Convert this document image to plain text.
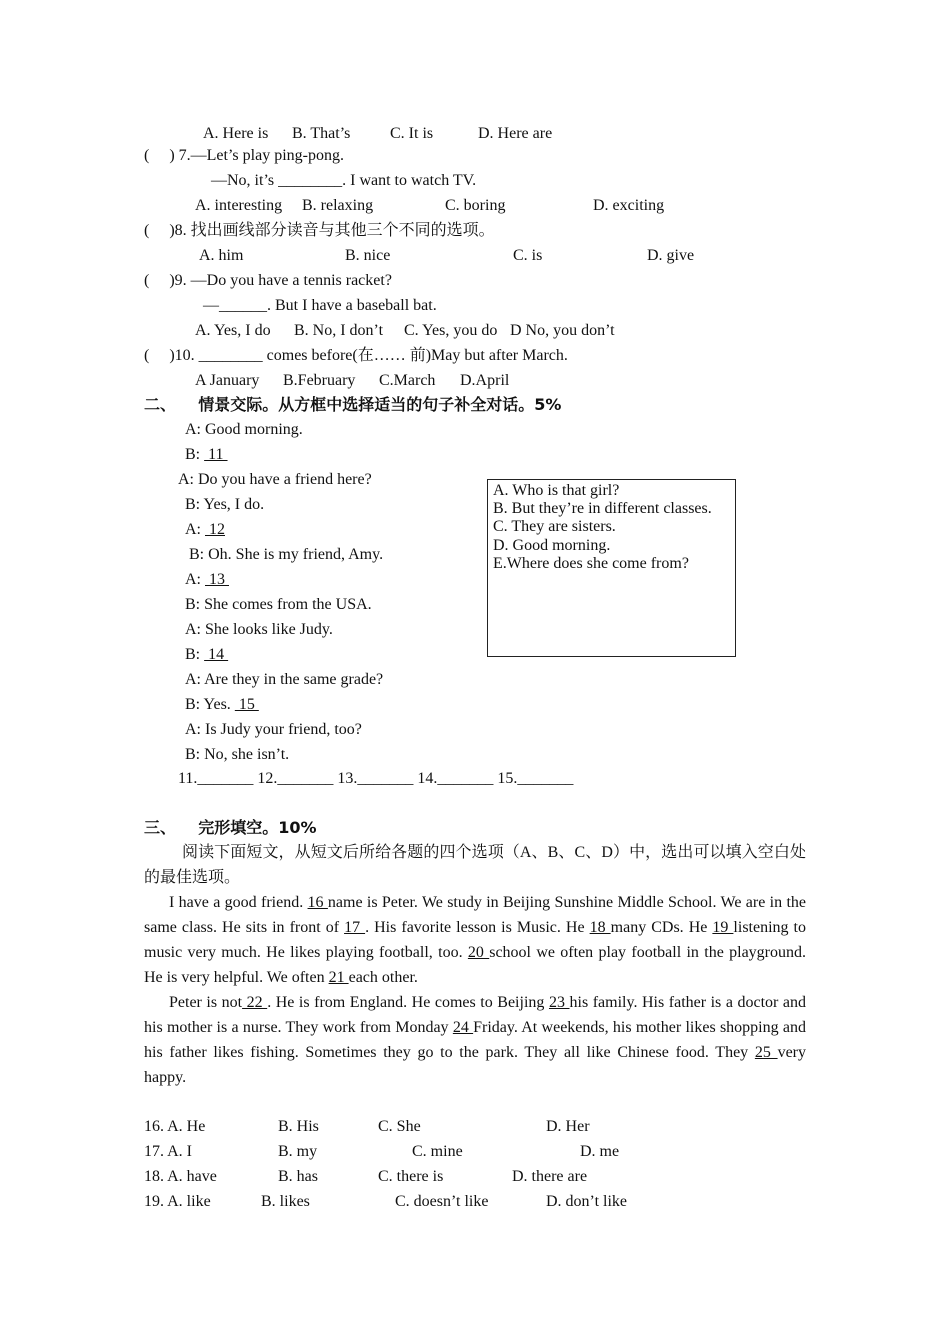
A. Here is B. That’s C. It is	D. Here are
(     ) 7.—Let’s play ping-pong.
—No, it’s ________. I want to watch TV.
A. interesting B. relaxing	C. boring	D. exciting
(     )8. 找出画线部分读音与其他三个不同的选项。
A. him	B. nice	C. is	D. give
(     )9. —Do you have a tennis racket?
—______. But I have a baseball bat.
A. Yes, I do B. No, I don’t C. Yes, you do D No, you don’t
(     )10. ________ comes before(在…… 前)May but after March.
A January B.February C.March D.April
二、    情景交际。从方框中选择适当的句子补全对话。5%
A: Good morning.
B:  11
A: Do you have a friend here?
B: Yes, I do.
A:  12
B: Oh. She is my friend, Amy.
A:  13
B: She comes from the USA.
A: She looks like Judy.
B:  14
A: Are they in the same grade?
B: Yes.  15
A: Is Judy your friend, too?
B: No, she isn’t.
11._______ 12._______ 13._______ 14._______ 15._______
A. Who is that girl?
B. But they’re in different classes.
C. They are sisters.
D. Good morning.
E.Where does she come from?
三、    完形填空。10%

阅读下面短文，从短文后所给各题的四个选项（A、B、C、D）中，选出可以填入空白处的最佳选项。

I have a good friend. 16 name is Peter. We study in Beijing Sunshine Middle School. We are in the same class. He sits in front of 17 . His favorite lesson is Music. He 18 many CDs. He 19 listening to music very much. He likes playing football, too. 20 school we often play football in the playground. He is very helpful. We often 21 each other.

Peter is not 22 . He is from England. He comes to Beijing 23 his family. His father is a doctor and his mother is a nurse. They work from Monday 24 Friday. At weekends, his mother likes shopping and his father likes fishing. Sometimes they go to the park. They all like Chinese food. They 25 very happy.

16. A. He	B. His	C. She	D. Her
17. A. I	B. my	C. mine	D. me
18. A. have	B. has	C. there is	D. there are
19. A. like	B. likes	C. doesn’t like	D. don’t like
